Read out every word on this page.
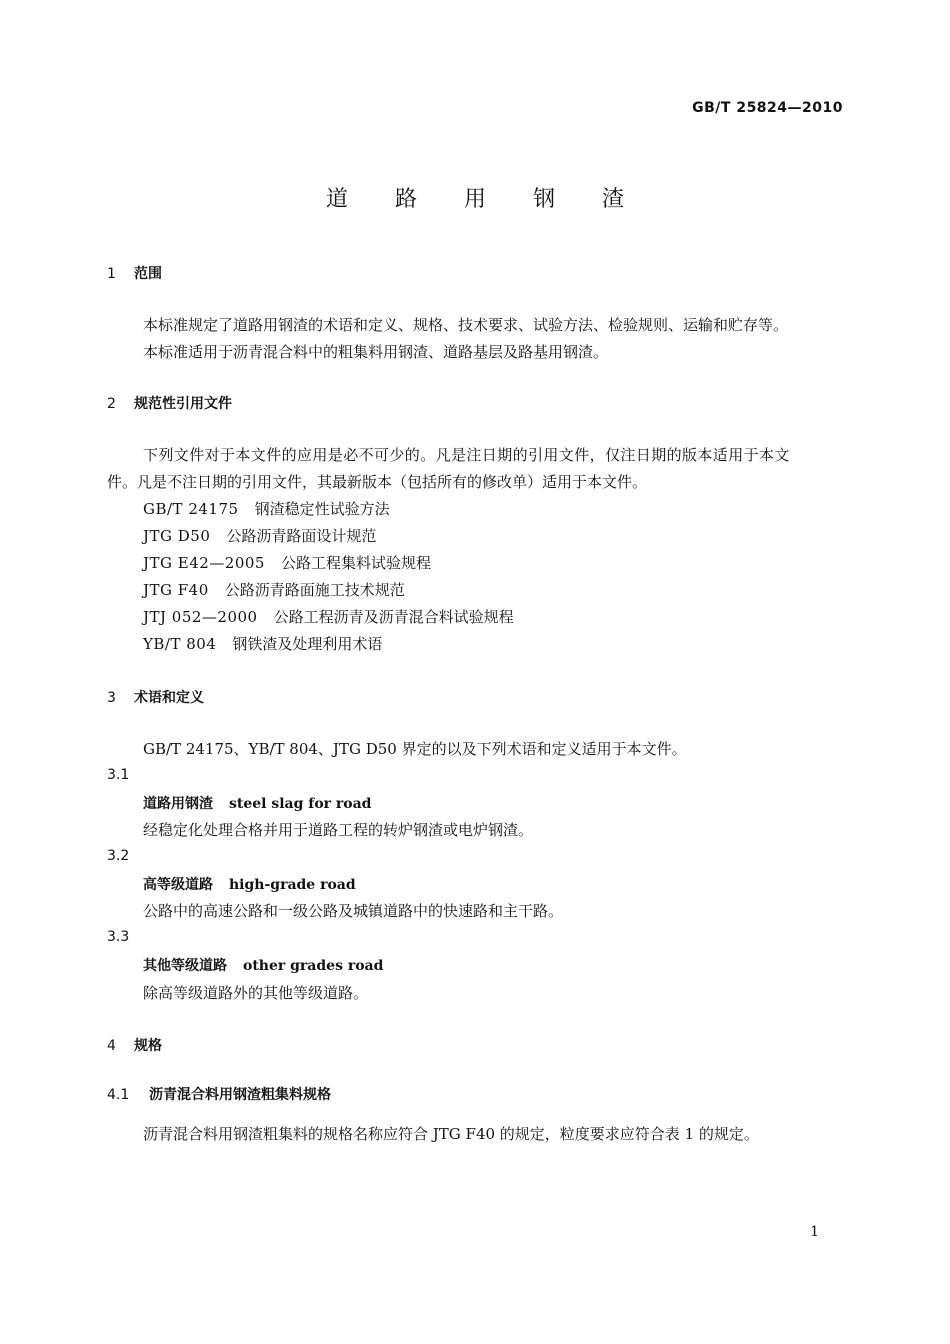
GB/T 25824—2010
道 路 用 钢 渣
1 范围
本标准规定了道路用钢渣的术语和定义、规格、技术要求、试验方法、检验规则、运输和贮存等。
本标准适用于沥青混合料中的粗集料用钢渣、道路基层及路基用钢渣。
2 规范性引用文件
下列文件对于本文件的应用是必不可少的。凡是注日期的引用文件，仅注日期的版本适用于本文
件。凡是不注日期的引用文件，其最新版本（包括所有的修改单）适用于本文件。
GB/T 24175 钢渣稳定性试验方法
JTG D50 公路沥青路面设计规范
JTG E42—2005 公路工程集料试验规程
JTG F40 公路沥青路面施工技术规范
JTJ 052—2000 公路工程沥青及沥青混合料试验规程
YB/T 804 钢铁渣及处理利用术语
3 术语和定义
GB/T 24175、YB/T 804、JTG D50 界定的以及下列术语和定义适用于本文件。
3.1
道路用钢渣 steel slag for road
经稳定化处理合格并用于道路工程的转炉钢渣或电炉钢渣。
3.2
高等级道路 high-grade road
公路中的高速公路和一级公路及城镇道路中的快速路和主干路。
3.3
其他等级道路 other grades road
除高等级道路外的其他等级道路。
4 规格
4.1 沥青混合料用钢渣粗集料规格
沥青混合料用钢渣粗集料的规格名称应符合 JTG F40 的规定，粒度要求应符合表 1 的规定。
1
